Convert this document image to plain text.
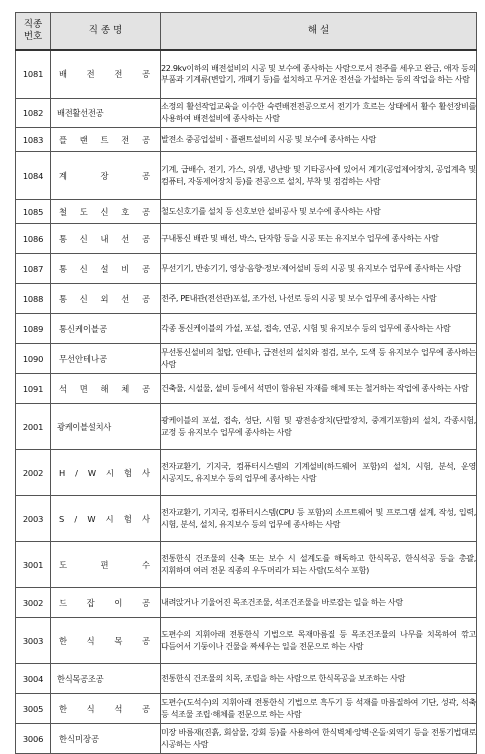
직종
번호	직 종 명	해 설
1081	배 전 전 공	22.9kv이하의 배전설비의 시공 및 보수에 종사하는 사람으로서 전주를 세우고 완금, 애자 등의 부품과 기계류(변압기, 개폐기 등)를 설치하고 무거운 전선을 가설하는 등의 작업을 하는 사람
1082	배전활선전공	소정의 활선작업교육을 이수한 숙련배전전공으로서 전기가 흐르는 상태에서 활수 활선장비를 사용하여 배전설비에 종사하는 사람
1083	플 랜 트 전 공	발전소 중공업설비ㆍ플랜트설비의 시공 및 보수에 종사하는 사람
1084	계 장 공	기계, 급배수, 전기, 가스, 위생, 냉난방 및 기타공사에 있어서 계기(공업제어장치, 공업계측 및 컴퓨터, 자동제어장치 등)를 전공으로 설치, 부착 및 점검하는 사람
1085	철 도 신 호 공	철도신호기를 설치 등 신호보안 설비공사 및 보수에 종사하는 사람
1086	통 신 내 선 공	구내통신 배관 및 배선, 박스, 단자함 등을 시공 또는 유지보수 업무에 종사하는 사람
1087	통 신 설 비 공	무선기기, 반송기기, 영상·음향·정보·제어설비 등의 시공 및 유지보수 업무에 종사하는 사람
1088	통 신 외 선 공	전주, PE내관(전선관)포설, 조가선, 나선로 등의 시공 및 보수 업무에 종사하는 사람
1089	통신케이블공	각종 통신케이블의 가설, 포설, 접속, 연공, 시험 및 유지보수 등의 업무에 종사하는 사람
1090	무선안테나공	무선통신설비의 철탑, 안테나, 급전선의 설치와 점검, 보수, 도색 등 유지보수 업무에 종사하는 사람
1091	석 면 해 체 공	건축물, 시설물, 설비 등에서 석면이 함유된 자재를 해체 또는 철거하는 작업에 종사하는 사람
2001	광케이블설치사	광케이블의 포설, 접속, 성단, 시험 및 광전송장치(단말장치, 중계기포함)의 설치, 각종시험, 교정 등 유지보수 업무에 종사하는 사람
2002	H / W 시 험 사	전자교환기, 기지국, 컴퓨터시스템의 기계설비(하드웨어 포함)의 설치, 시험, 분석, 운영 시공지도, 유지보수 등의 업무에 종사하는 사람
2003	S / W 시 험 사	전자교환기, 기지국, 컴퓨터시스템(CPU 등 포함)의 소프트웨어 및 프로그램 설계, 작성, 입력, 시험, 분석, 설치, 유지보수 등의 업무에 종사하는 사람
3001	도 편 수	전통한식 건조물의 신축 또는 보수 시 설계도를 해독하고 한식목공, 한식석공 등을 총괄, 지휘하며 여러 전문 직종의 우두머리가 되는 사람(도석수 포함)
3002	드 잡 이 공	내려앉거나 기울어진 목조건조물, 석조건조물을 바로잡는 일을 하는 사람
3003	한 식 목 공	도편수의 지휘아래 전통한식 기법으로 목재마름질 등 목조건조물의 나무를 치목하여 깎고 다듬어서 기둥이나 건물을 짜세우는 일을 전문으로 하는 사람
3004	한식목공조공	전통한식 건조물의 치목, 조립을 하는 사람으로 한식목공을 보조하는 사람
3005	한 식 석 공	도편수(도석수)의 지휘아래 전통한식 기법으로 흑두기 등 석재를 마름질하여 기단, 성곽, 석축 등 석조물 조립·해체를 전문으로 하는 사람
3006	한식미장공	미장 바름재(진흙, 회삼물, 강회 등)를 사용하여 한식벽체·앙벽·온돌·외역기 등을 전통기법대로 시공하는 사람
